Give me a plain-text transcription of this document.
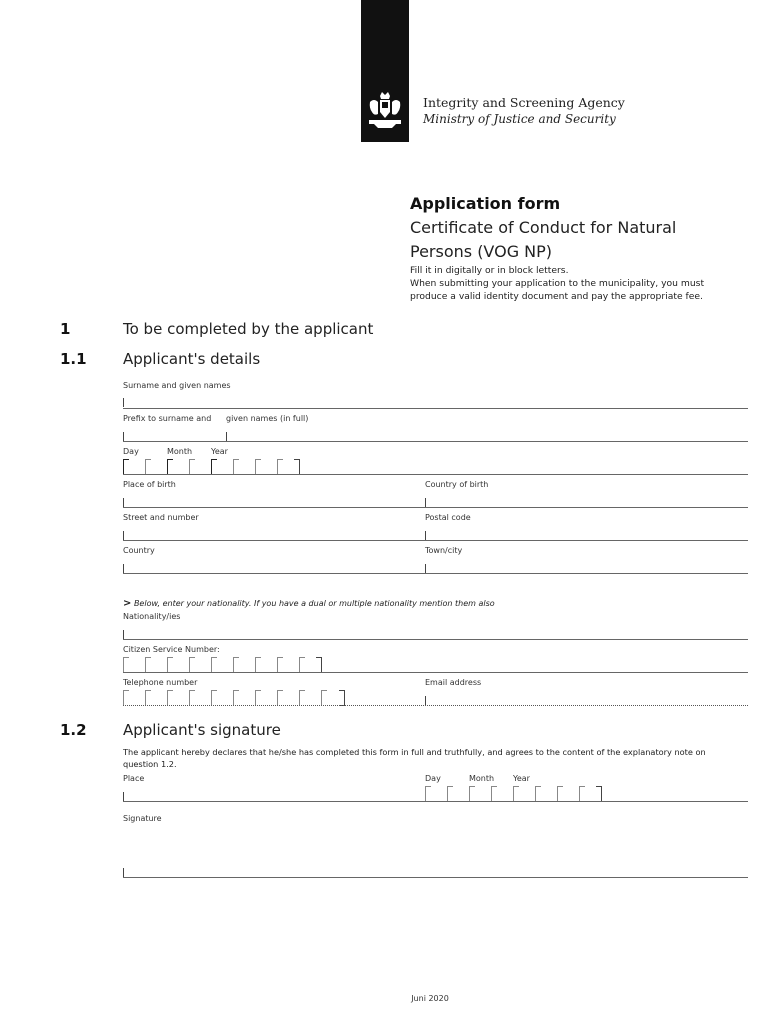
Integrity and Screening Agency
Ministry of Justice and Security
Application form
Certificate of Conduct for Natural
Persons (VOG NP)
Fill it in digitally or in block letters.
When submitting your application to the municipality, you must
produce a valid identity document and pay the appropriate fee.
1	To be completed by the applicant
1.1 Applicant's details
Surname and given names
Prefix to surname and given names (in full)
Day	Month Year
Place of birth	Country of birth
Street and number	Postal code
Country	Town/city
> Below, enter your nationality. If you have a dual or multiple nationality mention them also
Nationality/ies
Citizen Service Number:
Telephone number	Email address
1.2 Applicant's signature
The applicant hereby declares that he/she has completed this form in full and truthfully, and agrees to the content of the explanatory note on question 1.2.
Place	Day	Month Year
Signature
Juni 2020
